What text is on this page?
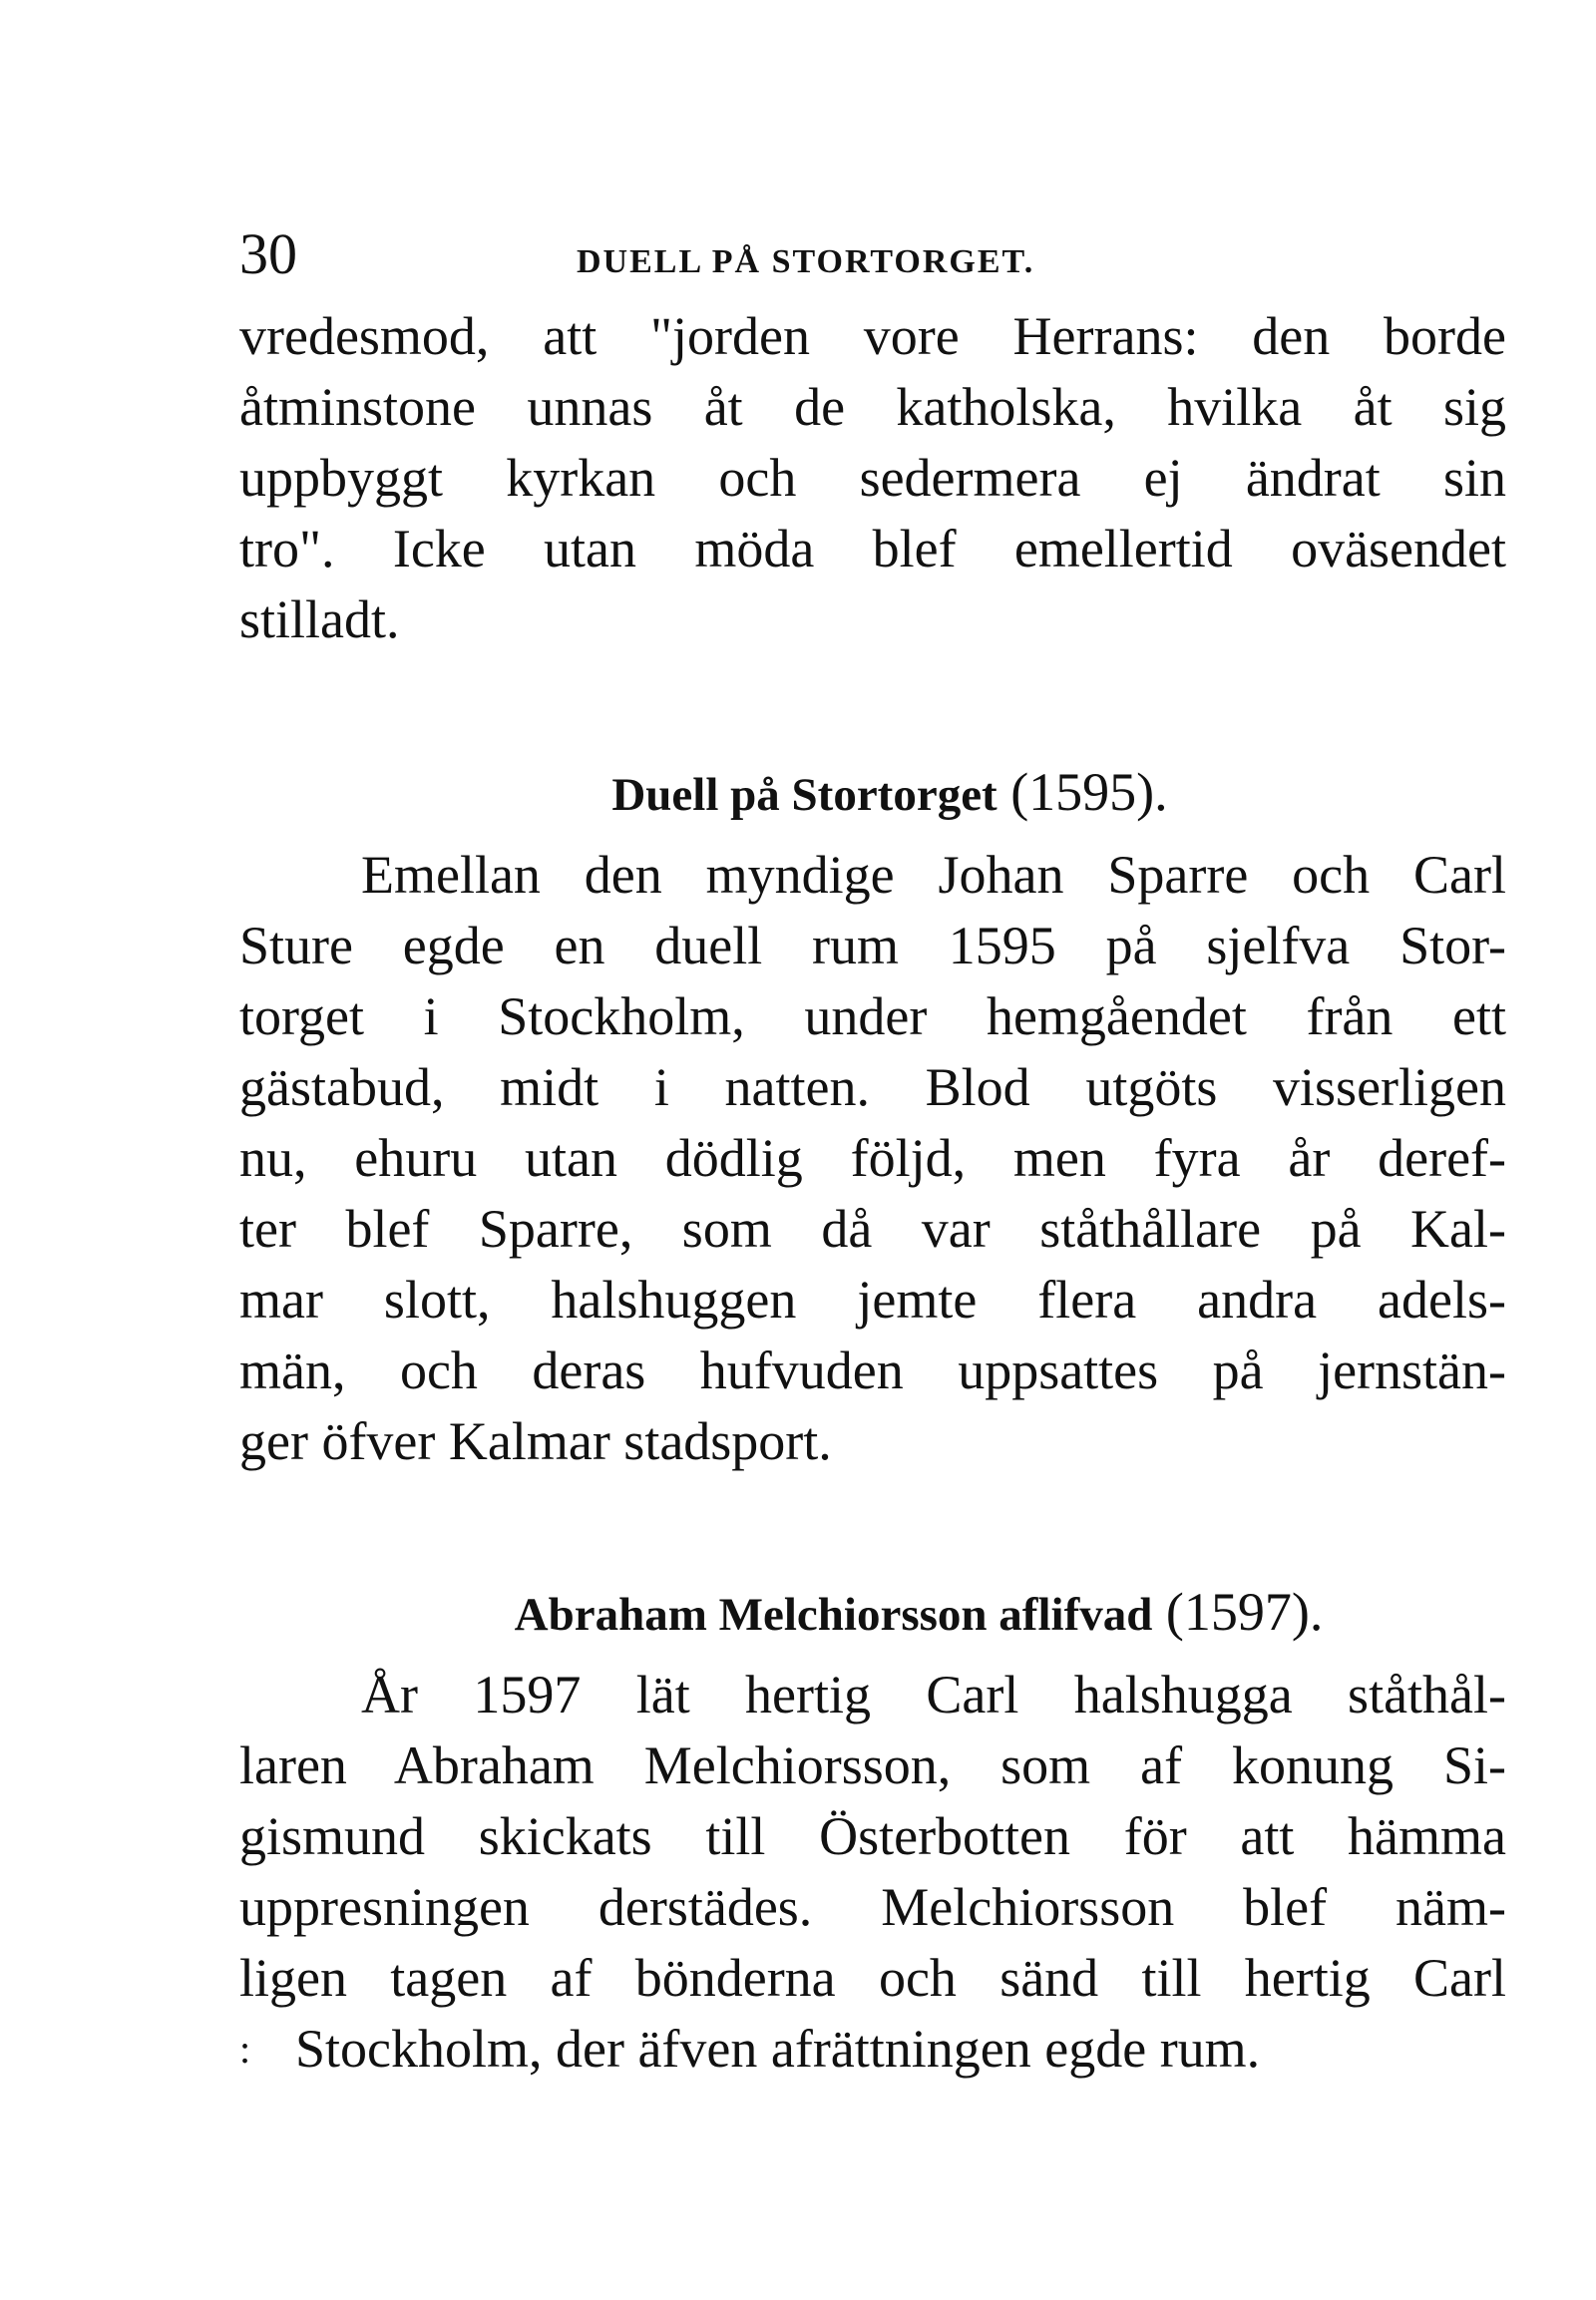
30	DUELL PÅ STORTORGET.
vredesmod, att "jorden vore Herrans: den borde
åtminstone unnas åt de katholska, hvilka åt sig
uppbyggt kyrkan och sedermera ej ändrat sin
tro". Icke utan möda blef emellertid oväsendet
stilladt.
Duell på Stortorget (1595).
Emellan den myndige Johan Sparre och Carl
Sture egde en duell rum 1595 på sjelfva Stor-
torget i Stockholm, under hemgåendet från ett
gästabud, midt i natten. Blod utgöts visserligen
nu, ehuru utan dödlig följd, men fyra år deref-
ter blef Sparre, som då var ståthållare på Kal-
mar slott, halshuggen jemte flera andra adels-
män, och deras hufvuden uppsattes på jernstän-
ger öfver Kalmar stadsport.
Abraham Melchiorsson aflifvad (1597).
År 1597 lät hertig Carl halshugga ståthål-
laren Abraham Melchiorsson, som af konung Si-
gismund skickats till Österbotten för att hämma
uppresningen derstädes. Melchiorsson blef näm-
ligen tagen af bönderna och sänd till hertig Carl
: Stockholm, der äfven afrättningen egde rum.
